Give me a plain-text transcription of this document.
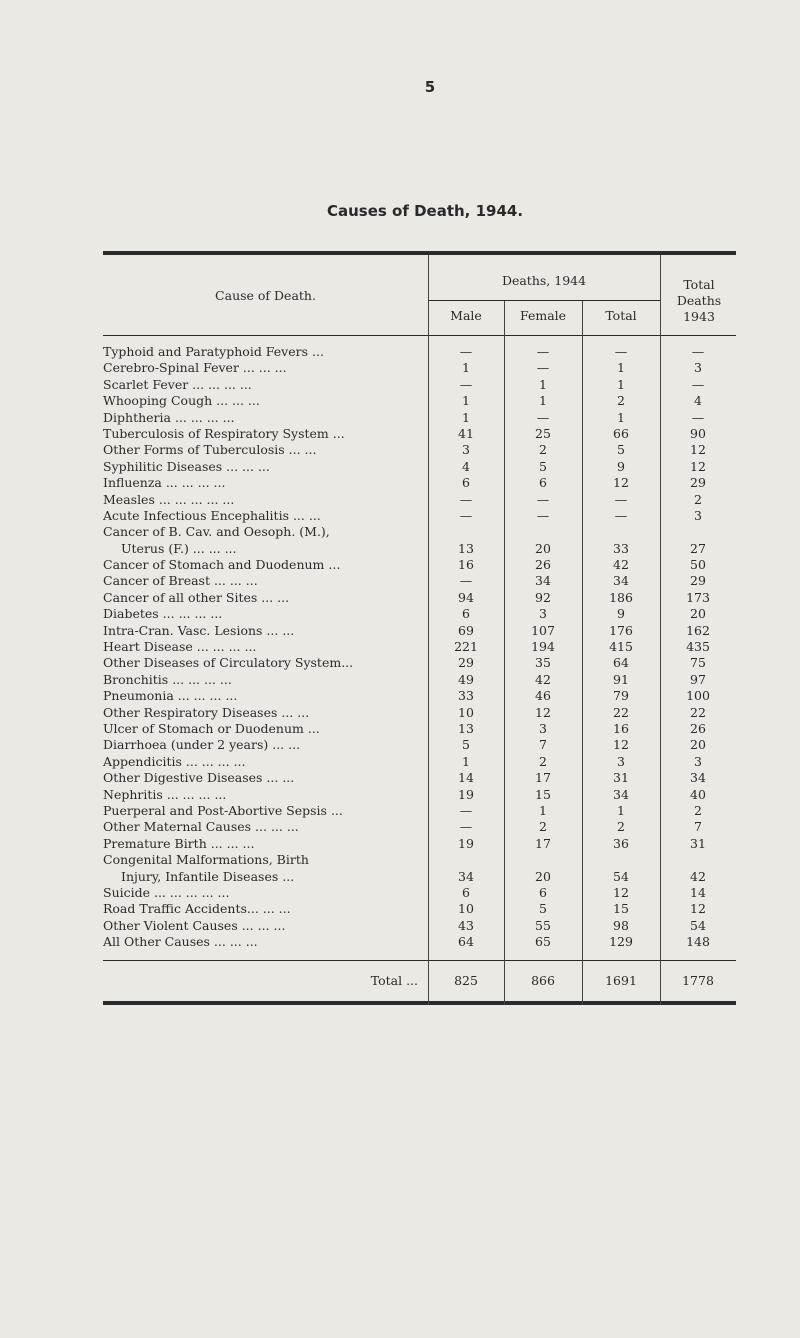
5
Causes of Death, 1944.
Cause of Death.
Deaths, 1944
Male	Female	Total
Total Deaths 1943
Typhoid and Paratyphoid Fevers ...	—	—	—	—
Cerebro-Spinal Fever ... ... ...	1	—	1	3
Scarlet Fever ... ... ... ...	—	1	1	—
Whooping Cough ... ... ...	1	1	2	4
Diphtheria ... ... ... ...	1	—	1	—
Tuberculosis of Respiratory System ...	41	25	66	90
Other Forms of Tuberculosis ... ...	3	2	5	12
Syphilitic Diseases ... ... ...	4	5	9	12
Influenza ... ... ... ...	6	6	12	29
Measles ... ... ... ... ...	—	—	—	2
Acute Infectious Encephalitis ... ...	—	—	—	3
Cancer of B. Cav. and Oesoph. (M.),
Uterus (F.) ... ... ...	13	20	33	27
Cancer of Stomach and Duodenum ...	16	26	42	50
Cancer of Breast ... ... ...	—	34	34	29
Cancer of all other Sites ... ...	94	92	186	173
Diabetes ... ... ... ...	6	3	9	20
Intra-Cran. Vasc. Lesions ... ...	69	107	176	162
Heart Disease ... ... ... ...	221	194	415	435
Other Diseases of Circulatory System...	29	35	64	75
Bronchitis ... ... ... ...	49	42	91	97
Pneumonia ... ... ... ...	33	46	79	100
Other Respiratory Diseases ... ...	10	12	22	22
Ulcer of Stomach or Duodenum ...	13	3	16	26
Diarrhoea (under 2 years) ... ...	5	7	12	20
Appendicitis ... ... ... ...	1	2	3	3
Other Digestive Diseases ... ...	14	17	31	34
Nephritis ... ... ... ...	19	15	34	40
Puerperal and Post-Abortive Sepsis ...	—	1	1	2
Other Maternal Causes ... ... ...	—	2	2	7
Premature Birth ... ... ...	19	17	36	31
Congenital Malformations, Birth
Injury, Infantile Diseases ...	34	20	54	42
Suicide ... ... ... ... ...	6	6	12	14
Road Traffic Accidents... ... ...	10	5	15	12
Other Violent Causes ... ... ...	43	55	98	54
All Other Causes ... ... ...	64	65	129	148
Total ...	825	866	1691	1778
